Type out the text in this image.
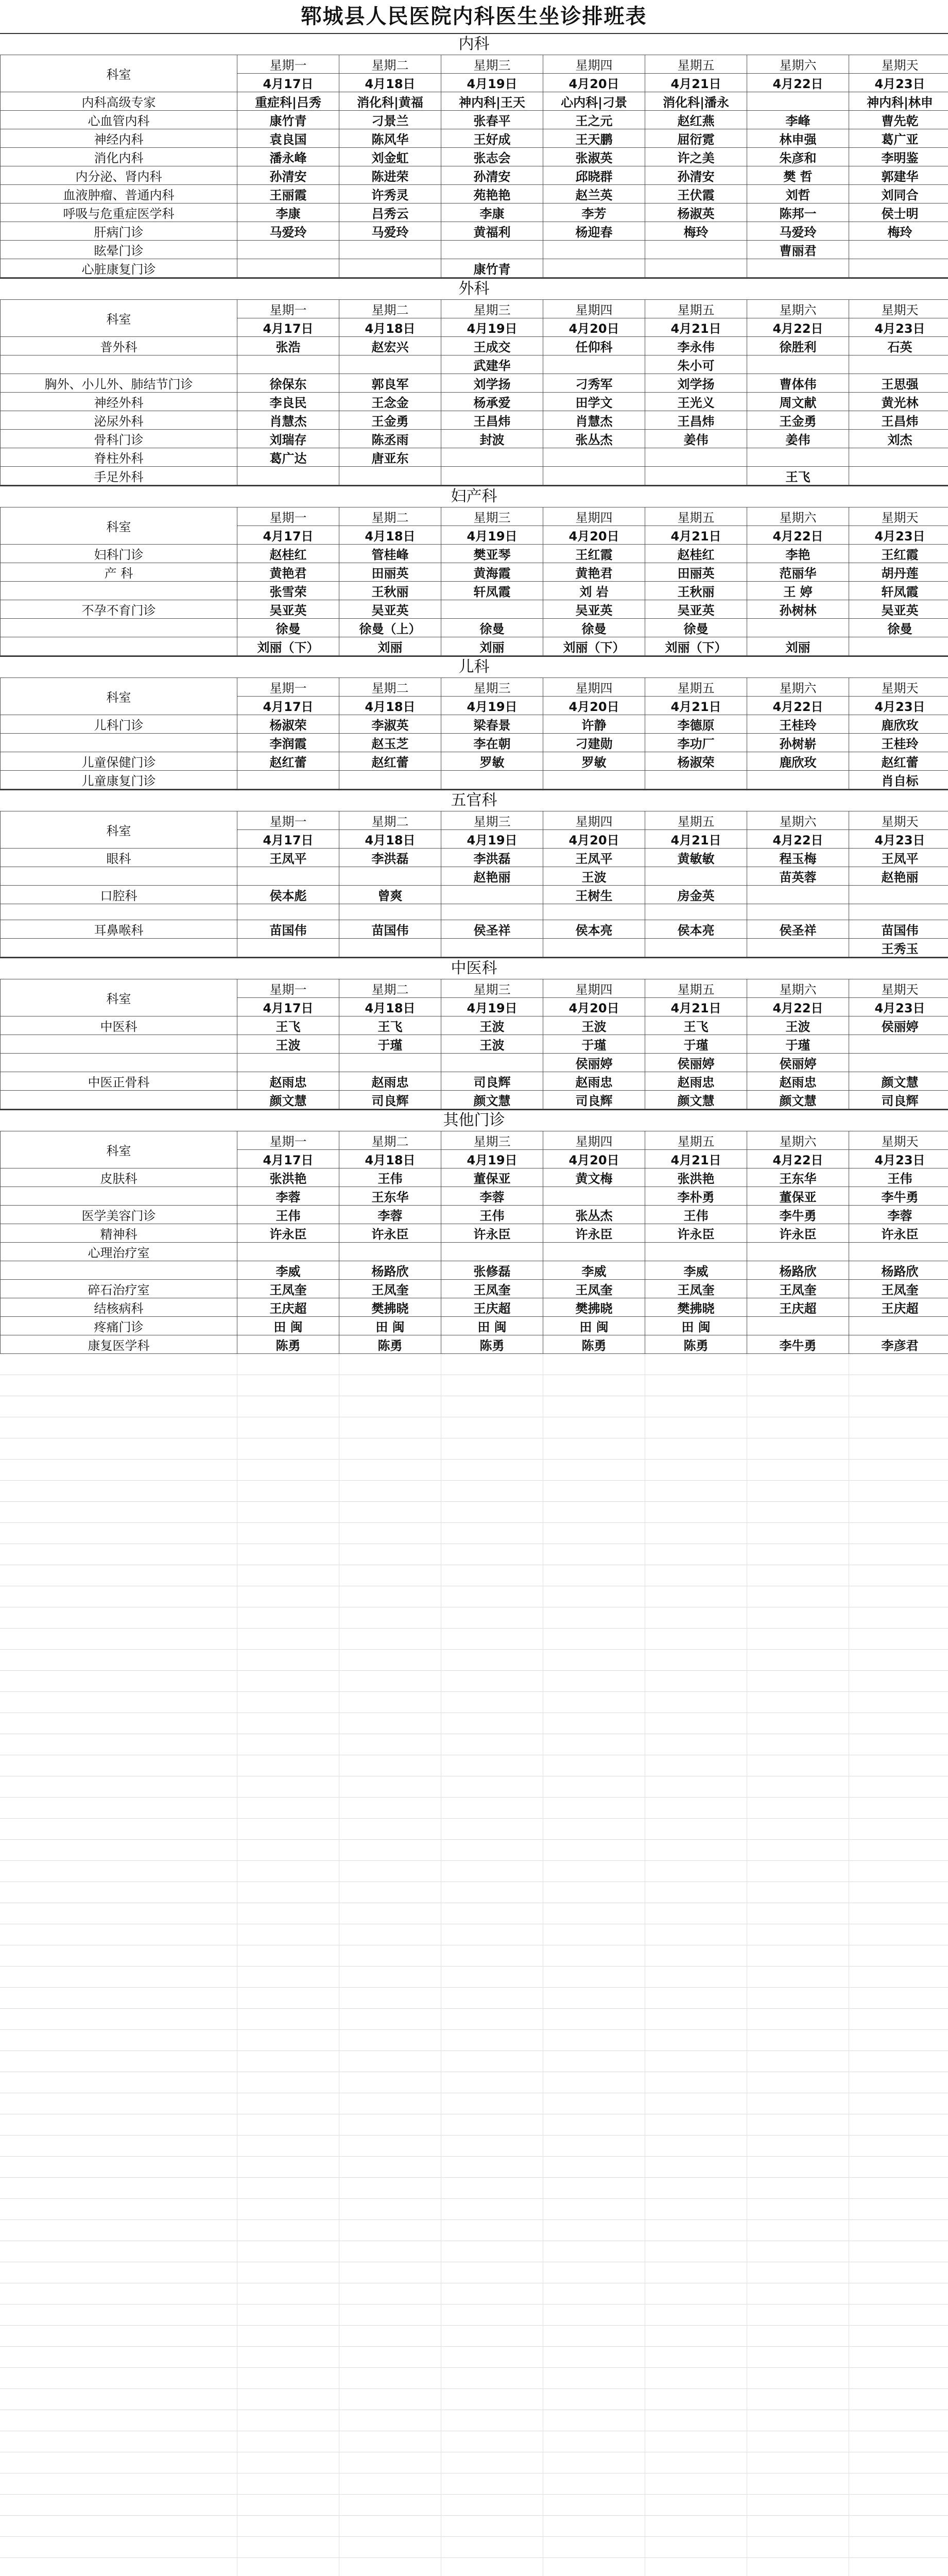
郓城县人民医院内科医生坐诊排班表
内科
科室	星期一	星期二	星期三	星期四	星期五	星期六	星期天
	4月17日	4月18日	4月19日	4月20日	4月21日	4月22日	4月23日
内科高级专家	重症科|吕秀	消化科|黄福	神内科|王天	心内科|刁景	消化科|潘永		神内科|林申
心血管内科	康竹青	刁景兰	张春平	王之元	赵红燕	李峰	曹先乾
神经内科	袁良国	陈风华	王好成	王天鹏	屈衍霓	林申强	葛广亚
消化内科	潘永峰	刘金虹	张志会	张淑英	许之美	朱彦和	李明鉴
内分泌、肾内科	孙清安	陈进荣	孙清安	邱晓群	孙清安	樊 哲	郭建华
血液肿瘤、普通内科	王丽霞	许秀灵	苑艳艳	赵兰英	王伏霞	刘哲	刘同合
呼吸与危重症医学科	李康	吕秀云	李康	李芳	杨淑英	陈邦一	侯士明
肝病门诊	马爱玲	马爱玲	黄福利	杨迎春	梅玲	马爱玲	梅玲
眩晕门诊						曹丽君	
心脏康复门诊			康竹青				
外科
科室	星期一	星期二	星期三	星期四	星期五	星期六	星期天
	4月17日	4月18日	4月19日	4月20日	4月21日	4月22日	4月23日
普外科	张浩	赵宏兴	王成交	任仰科	李永伟	徐胜利	石英
			武建华		朱小可		
胸外、小儿外、肺结节门诊	徐保东	郭良军	刘学扬	刁秀军	刘学扬	曹体伟	王思强
神经外科	李良民	王念金	杨承爱	田学文	王光义	周文献	黄光林
泌尿外科	肖慧杰	王金勇	王昌炜	肖慧杰	王昌炜	王金勇	王昌炜
骨科门诊	刘瑞存	陈丞雨	封波	张丛杰	姜伟	姜伟	刘杰
脊柱外科	葛广达	唐亚东					
手足外科						王飞	
妇产科
科室	星期一	星期二	星期三	星期四	星期五	星期六	星期天
	4月17日	4月18日	4月19日	4月20日	4月21日	4月22日	4月23日
妇科门诊	赵桂红	管桂峰	樊亚琴	王红霞	赵桂红	李艳	王红霞
产 科	黄艳君	田丽英	黄海霞	黄艳君	田丽英	范丽华	胡丹莲
	张雪荣	王秋丽	轩凤霞	刘 岩	王秋丽	王 婷	轩凤霞
不孕不育门诊	吴亚英	吴亚英		吴亚英	吴亚英	孙树林	吴亚英
	徐曼	徐曼（上）	徐曼	徐曼	徐曼		徐曼
	刘丽（下）	刘丽	刘丽	刘丽（下）	刘丽（下）	刘丽	
儿科
科室	星期一	星期二	星期三	星期四	星期五	星期六	星期天
	4月17日	4月18日	4月19日	4月20日	4月21日	4月22日	4月23日
儿科门诊	杨淑荣	李淑英	梁春景	许静	李德原	王桂玲	鹿欣玫
	李润霞	赵玉芝	李在朝	刁建勋	李功厂	孙树崭	王桂玲
儿童保健门诊	赵红蕾	赵红蕾	罗敏	罗敏	杨淑荣	鹿欣玫	赵红蕾
儿童康复门诊							肖自标
五官科
科室	星期一	星期二	星期三	星期四	星期五	星期六	星期天
	4月17日	4月18日	4月19日	4月20日	4月21日	4月22日	4月23日
眼科	王凤平	李洪磊	李洪磊	王凤平	黄敏敏	程玉梅	王凤平
			赵艳丽	王波		苗英蓉	赵艳丽
口腔科	侯本彪	曾爽		王树生	房金英		

耳鼻喉科	苗国伟	苗国伟	侯圣祥	侯本亮	侯本亮	侯圣祥	苗国伟
							王秀玉
中医科
科室	星期一	星期二	星期三	星期四	星期五	星期六	星期天
	4月17日	4月18日	4月19日	4月20日	4月21日	4月22日	4月23日
中医科	王飞	王飞	王波	王波	王飞	王波	侯丽婷
	王波	于瑾	王波	于瑾	于瑾	于瑾	
				侯丽婷	侯丽婷	侯丽婷	
中医正骨科	赵雨忠	赵雨忠	司良辉	赵雨忠	赵雨忠	赵雨忠	颜文慧
	颜文慧	司良辉	颜文慧	司良辉	颜文慧	颜文慧	司良辉
其他门诊
科室	星期一	星期二	星期三	星期四	星期五	星期六	星期天
	4月17日	4月18日	4月19日	4月20日	4月21日	4月22日	4月23日
皮肤科	张洪艳	王伟	董保亚	黄文梅	张洪艳	王东华	王伟
	李蓉	王东华	李蓉		李朴勇	董保亚	李牛勇
医学美容门诊	王伟	李蓉	王伟	张丛杰	王伟	李牛勇	李蓉
精神科	许永臣	许永臣	许永臣	许永臣	许永臣	许永臣	许永臣
心理治疗室							
	李威	杨路欣	张修磊	李威	李威	杨路欣	杨路欣
碎石治疗室	王凤奎	王凤奎	王凤奎	王凤奎	王凤奎	王凤奎	王凤奎
结核病科	王庆超	樊拂晓	王庆超	樊拂晓	樊拂晓	王庆超	王庆超
疼痛门诊	田 闽	田 闽	田 闽	田 闽	田 闽		
康复医学科	陈勇	陈勇	陈勇	陈勇	陈勇	李牛勇	李彦君
